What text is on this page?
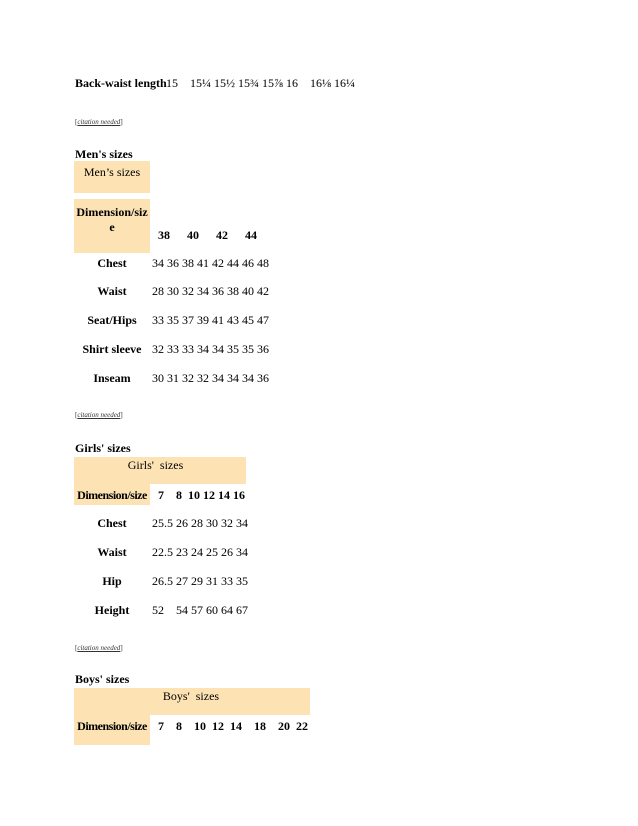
Back-waist length 15    15¼ 15½ 15¾ 15⅞ 16    16⅛ 16¼
[citation needed]
Men's sizes
Men’s sizes
Dimension/siz
e
38 40 42 44
Chest	34 36 38 41 42 44 46 48
Waist	28 30 32 34 36 38 40 42
Seat/Hips	33 35 37 39 41 43 45 47
Shirt sleeve 32 33 33 34 34 35 35 36
Inseam	30 31 32 32 34 34 34 36
[citation needed]
Girls' sizes
Girls'  sizes
Dimension/size 7    8  10 12 14 16
Chest	25.5 26 28 30 32 34
Waist	22.5 23 24 25 26 34
Hip	26.5 27 29 31 33 35
Height	52    54 57 60 64 67
[citation needed]
Boys' sizes
Boys'  sizes
Dimension/size 7    8    10  12  14    18    20  22
